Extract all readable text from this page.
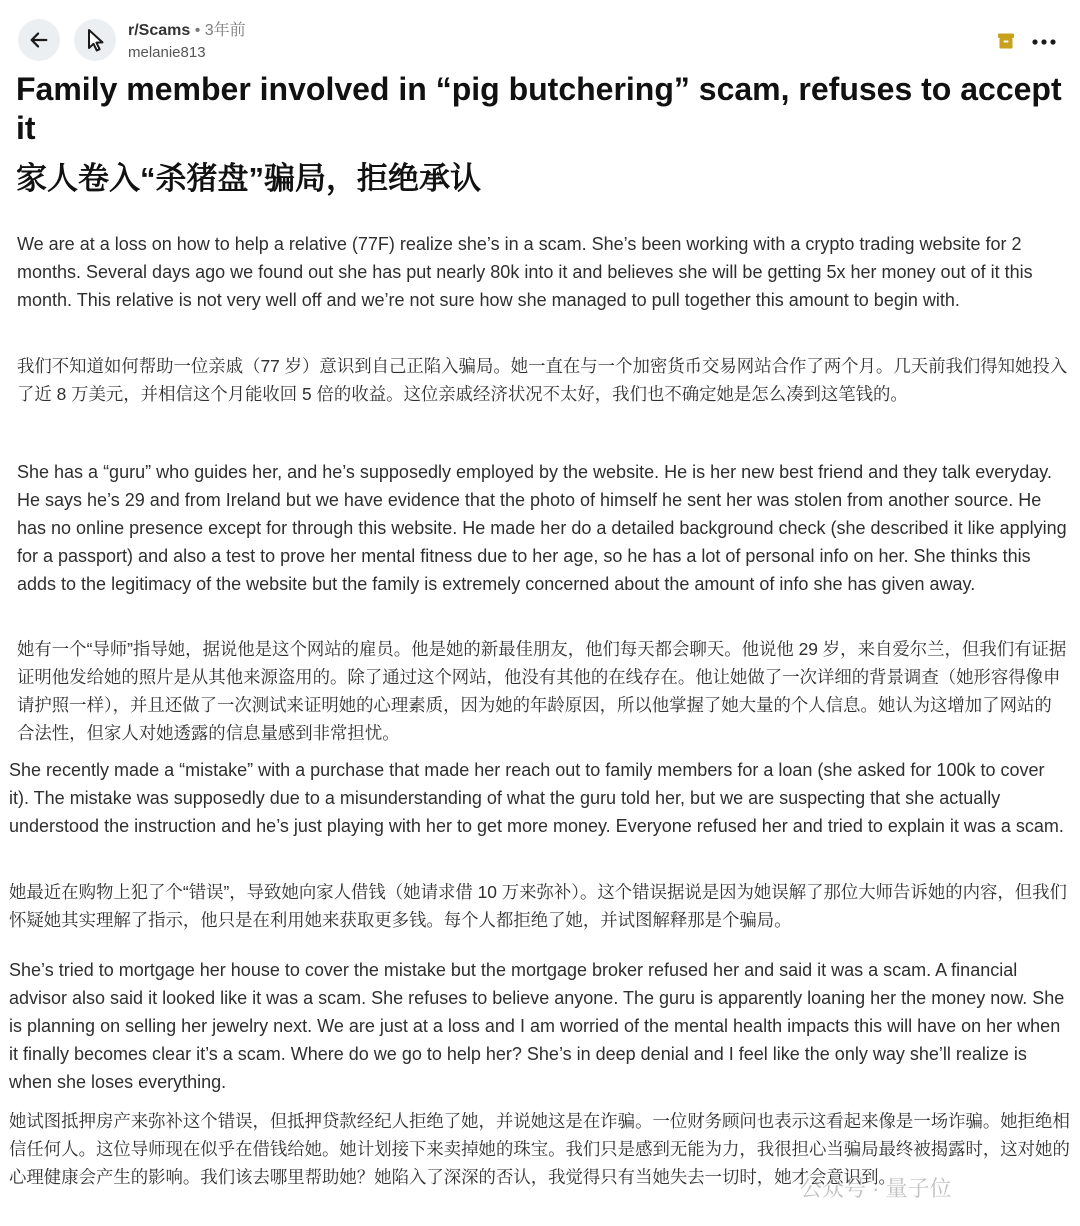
r/Scams • 3年前
melanie813
Family member involved in “pig butchering” scam, refuses to accept it
家人卷入“杀猪盘”骗局，拒绝承认
We are at a loss on how to help a relative (77F) realize she’s in a scam. She’s been working with a crypto trading website for 2 months. Several days ago we found out she has put nearly 80k into it and believes she will be getting 5x her money out of it this month. This relative is not very well off and we’re not sure how she managed to pull together this amount to begin with.
我们不知道如何帮助一位亲戚（77 岁）意识到自己正陷入骗局。她一直在与一个加密货币交易网站合作了两个月。几天前我们得知她投入了近 8 万美元，并相信这个月能收回 5 倍的收益。这位亲戚经济状况不太好，我们也不确定她是怎么凑到这笔钱的。
She has a “guru” who guides her, and he’s supposedly employed by the website. He is her new best friend and they talk everyday. He says he’s 29 and from Ireland but we have evidence that the photo of himself he sent her was stolen from another source. He has no online presence except for through this website. He made her do a detailed background check (she described it like applying for a passport) and also a test to prove her mental fitness due to her age, so he has a lot of personal info on her. She thinks this adds to the legitimacy of the website but the family is extremely concerned about the amount of info she has given away.
她有一个“导师”指导她，据说他是这个网站的雇员。他是她的新最佳朋友，他们每天都会聊天。他说他 29 岁，来自爱尔兰，但我们有证据证明他发给她的照片是从其他来源盗用的。除了通过这个网站，他没有其他的在线存在。他让她做了一次详细的背景调查（她形容得像申请护照一样），并且还做了一次测试来证明她的心理素质，因为她的年龄原因，所以他掌握了她大量的个人信息。她认为这增加了网站的合法性，但家人对她透露的信息量感到非常担忧。
She recently made a “mistake” with a purchase that made her reach out to family members for a loan (she asked for 100k to cover it). The mistake was supposedly due to a misunderstanding of what the guru told her, but we are suspecting that she actually understood the instruction and he’s just playing with her to get more money. Everyone refused her and tried to explain it was a scam.
她最近在购物上犯了个“错误”，导致她向家人借钱（她请求借 10 万来弥补）。这个错误据说是因为她误解了那位大师告诉她的内容，但我们怀疑她其实理解了指示，他只是在利用她来获取更多钱。每个人都拒绝了她，并试图解释那是个骗局。
She’s tried to mortgage her house to cover the mistake but the mortgage broker refused her and said it was a scam. A financial advisor also said it looked like it was a scam. She refuses to believe anyone. The guru is apparently loaning her the money now. She is planning on selling her jewelry next. We are just at a loss and I am worried of the mental health impacts this will have on her when it finally becomes clear it’s a scam. Where do we go to help her? She’s in deep denial and I feel like the only way she’ll realize is when she loses everything.
她试图抵押房产来弥补这个错误，但抵押贷款经纪人拒绝了她，并说她这是在诈骗。一位财务顾问也表示这看起来像是一场诈骗。她拒绝相信任何人。这位导师现在似乎在借钱给她。她计划接下来卖掉她的珠宝。我们只是感到无能为力，我很担心当骗局最终被揭露时，这对她的心理健康会产生的影响。我们该去哪里帮助她？她陷入了深深的否认，我觉得只有当她失去一切时，她才会意识到。
公众号 · 量子位
